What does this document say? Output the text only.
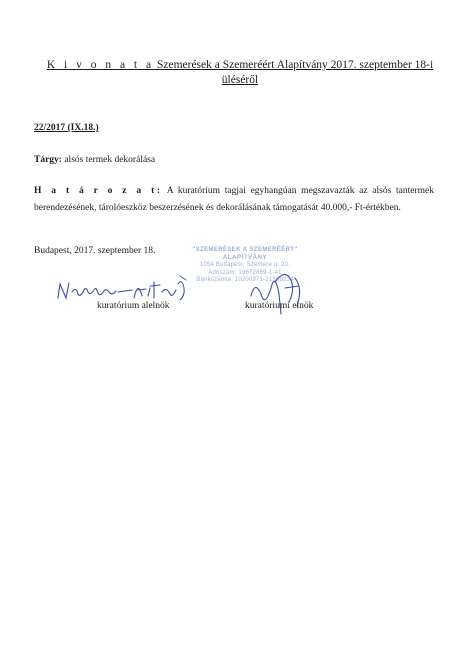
K i v o n a t a Szemerések a Szemeréért Alapítvány 2017. szeptember 18-i
üléséről
22/2017 (IX.18.)
Tárgy: alsós termek dekorálása
H a t á r o z a t: A kuratórium tagjai egyhangúan megszavazták az alsós tantermek berendezésének, tárolóeszköz beszerzésének és dekorálásának támogatását 40.000,- Ft-értékben.
Budapest, 2017. szeptember 18.	"SZEMERÉSEK A SZEMERÉÉRT"
ALAPÍTVÁNY
1054 Budapest, Szemere u. 20.
Adószám: 19672869-1-41
Bankszámla: 10200971-21509234
kuratórium alelnök	kuratóriumi elnök
